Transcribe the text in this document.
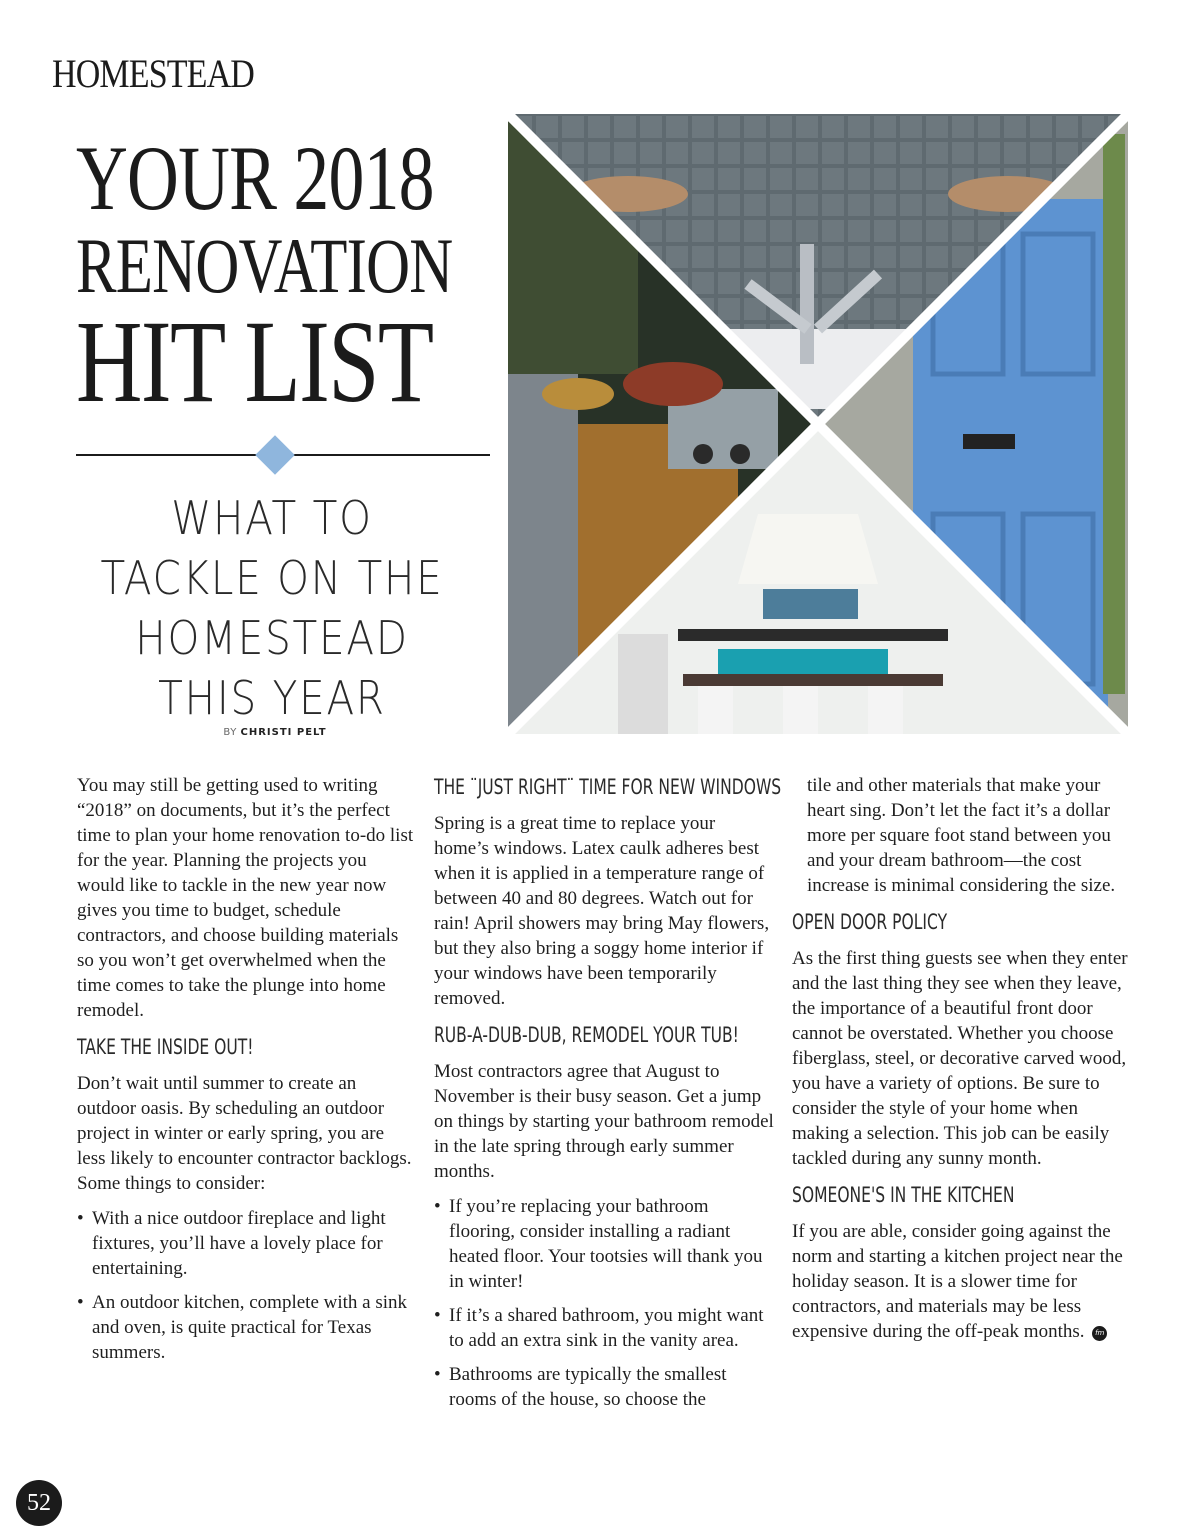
HOMESTEAD
YOUR 2018
RENOVATION
HIT LIST
WHAT TO
TACKLE ON THE
HOMESTEAD
THIS YEAR
BY CHRISTI PELT

You may still be getting used to writing “2018” on documents, but it’s the perfect time to plan your home renovation to-do list for the year. Planning the projects you would like to tackle in the new year now gives you time to budget, schedule contractors, and choose building materials so you won’t get overwhelmed when the time comes to take the plunge into home remodel.

TAKE THE INSIDE OUT!

Don’t wait until summer to create an outdoor oasis. By scheduling an outdoor project in winter or early spring, you are less likely to encounter contractor backlogs. Some things to consider:

• With a nice outdoor fireplace and light fixtures, you’ll have a lovely place for entertaining.
• An outdoor kitchen, complete with a sink and oven, is quite practical for Texas summers.
THE ¨JUST RIGHT¨ TIME FOR NEW WINDOWS

Spring is a great time to replace your home’s windows. Latex caulk adheres best when it is applied in a temperature range of between 40 and 80 degrees. Watch out for rain! April showers may bring May flowers, but they also bring a soggy home interior if your windows have been temporarily removed.

RUB-A-DUB-DUB, REMODEL YOUR TUB!

Most contractors agree that August to November is their busy season. Get a jump on things by starting your bathroom remodel in the late spring through early summer months.

• If you’re replacing your bathroom flooring, consider installing a radiant heated floor. Your tootsies will thank you in winter!
• If it’s a shared bathroom, you might want to add an extra sink in the vanity area.
• Bathrooms are typically the smallest rooms of the house, so choose the

tile and other materials that make your heart sing. Don’t let the fact it’s a dollar more per square foot stand between you and your dream bathroom—the cost increase is minimal considering the size.

OPEN DOOR POLICY

As the first thing guests see when they enter and the last thing they see when they leave, the importance of a beautiful front door cannot be overstated. Whether you choose fiberglass, steel, or decorative carved wood, you have a variety of options. Be sure to consider the style of your home when making a selection. This job can be easily tackled during any sunny month.

SOMEONE'S IN THE KITCHEN

If you are able, consider going against the norm and starting a kitchen project near the holiday season. It is a slower time for contractors, and materials may be less expensive during the off-peak months. fm

52
